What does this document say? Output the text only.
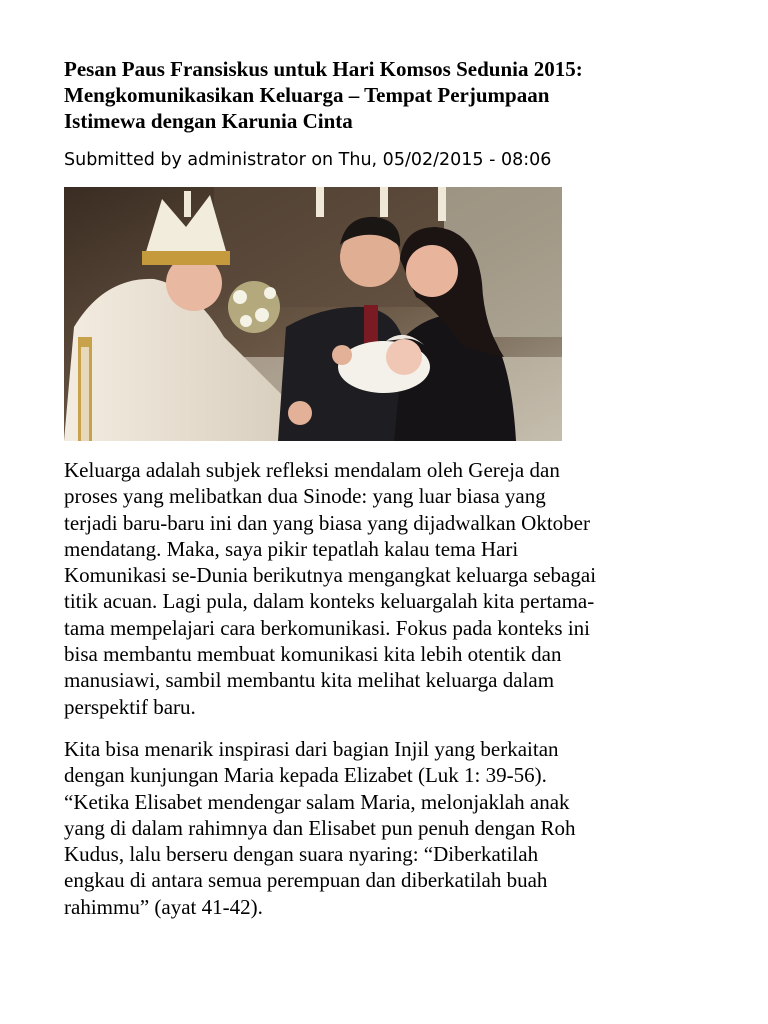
Pesan Paus Fransiskus untuk Hari Komsos Sedunia 2015:
Mengkomunikasikan Keluarga – Tempat Perjumpaan
Istimewa dengan Karunia Cinta

Submitted by administrator on Thu, 05/02/2015 - 08:06

Keluarga adalah subjek refleksi mendalam oleh Gereja dan
proses yang melibatkan dua Sinode: yang luar biasa yang
terjadi baru-baru ini dan yang biasa yang dijadwalkan Oktober
mendatang. Maka, saya pikir tepatlah kalau tema Hari
Komunikasi se-Dunia berikutnya mengangkat keluarga sebagai
titik acuan. Lagi pula, dalam konteks keluargalah kita pertama-
tama mempelajari cara berkomunikasi. Fokus pada konteks ini
bisa membantu membuat komunikasi kita lebih otentik dan
manusiawi, sambil membantu kita melihat keluarga dalam
perspektif baru.

Kita bisa menarik inspirasi dari bagian Injil yang berkaitan
dengan kunjungan Maria kepada Elizabet (Luk 1: 39-56).
“Ketika Elisabet mendengar salam Maria, melonjaklah anak
yang di dalam rahimnya dan Elisabet pun penuh dengan Roh
Kudus, lalu berseru dengan suara nyaring: “Diberkatilah
engkau di antara semua perempuan dan diberkatilah buah
rahimmu” (ayat 41-42).
